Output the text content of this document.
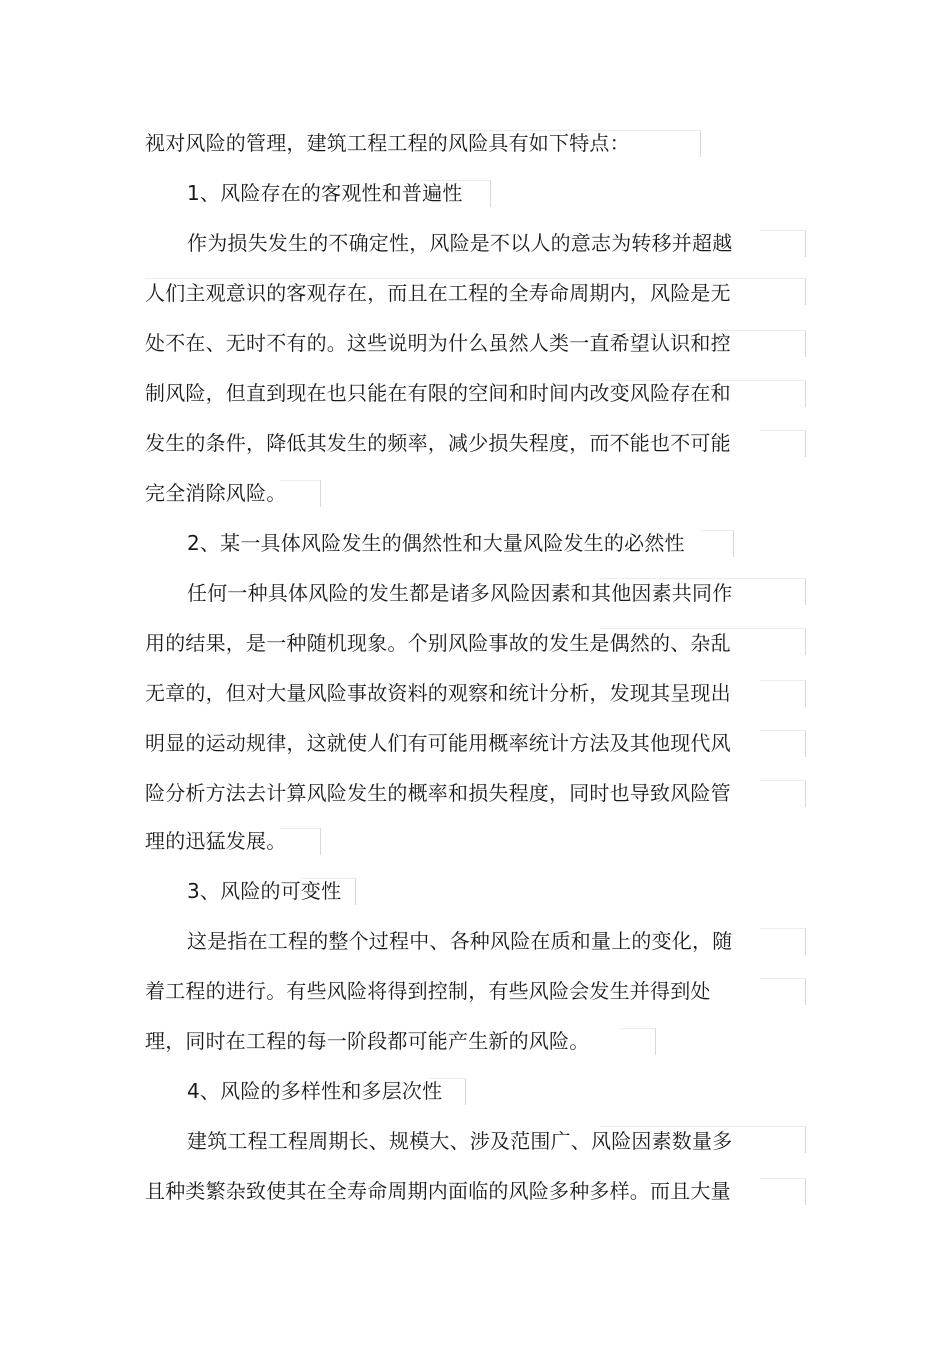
视对风险的管理，建筑工程工程的风险具有如下特点：
1、风险存在的客观性和普遍性
作为损失发生的不确定性，风险是不以人的意志为转移并超越
人们主观意识的客观存在，而且在工程的全寿命周期内，风险是无
处不在、无时不有的。这些说明为什么虽然人类一直希望认识和控
制风险，但直到现在也只能在有限的空间和时间内改变风险存在和
发生的条件，降低其发生的频率，减少损失程度，而不能也不可能
完全消除风险。
2、某一具体风险发生的偶然性和大量风险发生的必然性
任何一种具体风险的发生都是诸多风险因素和其他因素共同作
用的结果，是一种随机现象。个别风险事故的发生是偶然的、杂乱
无章的，但对大量风险事故资料的观察和统计分析，发现其呈现出
明显的运动规律，这就使人们有可能用概率统计方法及其他现代风
险分析方法去计算风险发生的概率和损失程度，同时也导致风险管
理的迅猛发展。
3、风险的可变性
这是指在工程的整个过程中、各种风险在质和量上的变化，随
着工程的进行。有些风险将得到控制，有些风险会发生并得到处
理，同时在工程的每一阶段都可能产生新的风险。
4、风险的多样性和多层次性
建筑工程工程周期长、规模大、涉及范围广、风险因素数量多
且种类繁杂致使其在全寿命周期内面临的风险多种多样。而且大量
